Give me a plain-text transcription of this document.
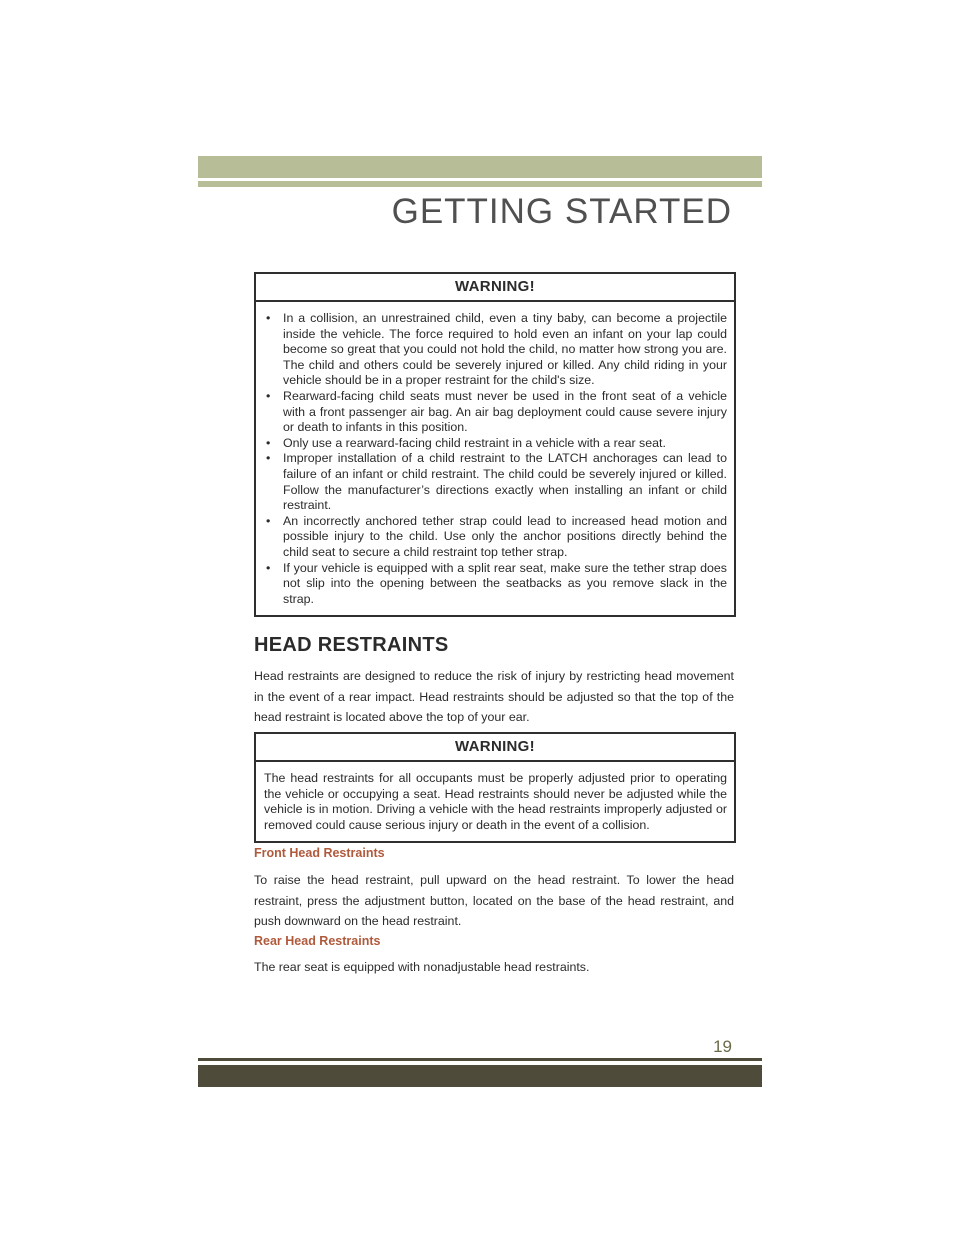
GETTING STARTED
WARNING!
• In a collision, an unrestrained child, even a tiny baby, can become a projectile inside the vehicle. The force required to hold even an infant on your lap could become so great that you could not hold the child, no matter how strong you are. The child and others could be severely injured or killed. Any child riding in your vehicle should be in a proper restraint for the child's size.
• Rearward-facing child seats must never be used in the front seat of a vehicle with a front passenger air bag. An air bag deployment could cause severe injury or death to infants in this position.
• Only use a rearward-facing child restraint in a vehicle with a rear seat.
• Improper installation of a child restraint to the LATCH anchorages can lead to failure of an infant or child restraint. The child could be severely injured or killed. Follow the manufacturer’s directions exactly when installing an infant or child restraint.
• An incorrectly anchored tether strap could lead to increased head motion and possible injury to the child. Use only the anchor positions directly behind the child seat to secure a child restraint top tether strap.
• If your vehicle is equipped with a split rear seat, make sure the tether strap does not slip into the opening between the seatbacks as you remove slack in the strap.
HEAD RESTRAINTS

Head restraints are designed to reduce the risk of injury by restricting head movement in the event of a rear impact. Head restraints should be adjusted so that the top of the head restraint is located above the top of your ear.

WARNING!

The head restraints for all occupants must be properly adjusted prior to operating the vehicle or occupying a seat. Head restraints should never be adjusted while the vehicle is in motion. Driving a vehicle with the head restraints improperly adjusted or removed could cause serious injury or death in the event of a collision.

Front Head Restraints

To raise the head restraint, pull upward on the head restraint. To lower the head restraint, press the adjustment button, located on the base of the head restraint, and push downward on the head restraint.

Rear Head Restraints

The rear seat is equipped with nonadjustable head restraints.

19
